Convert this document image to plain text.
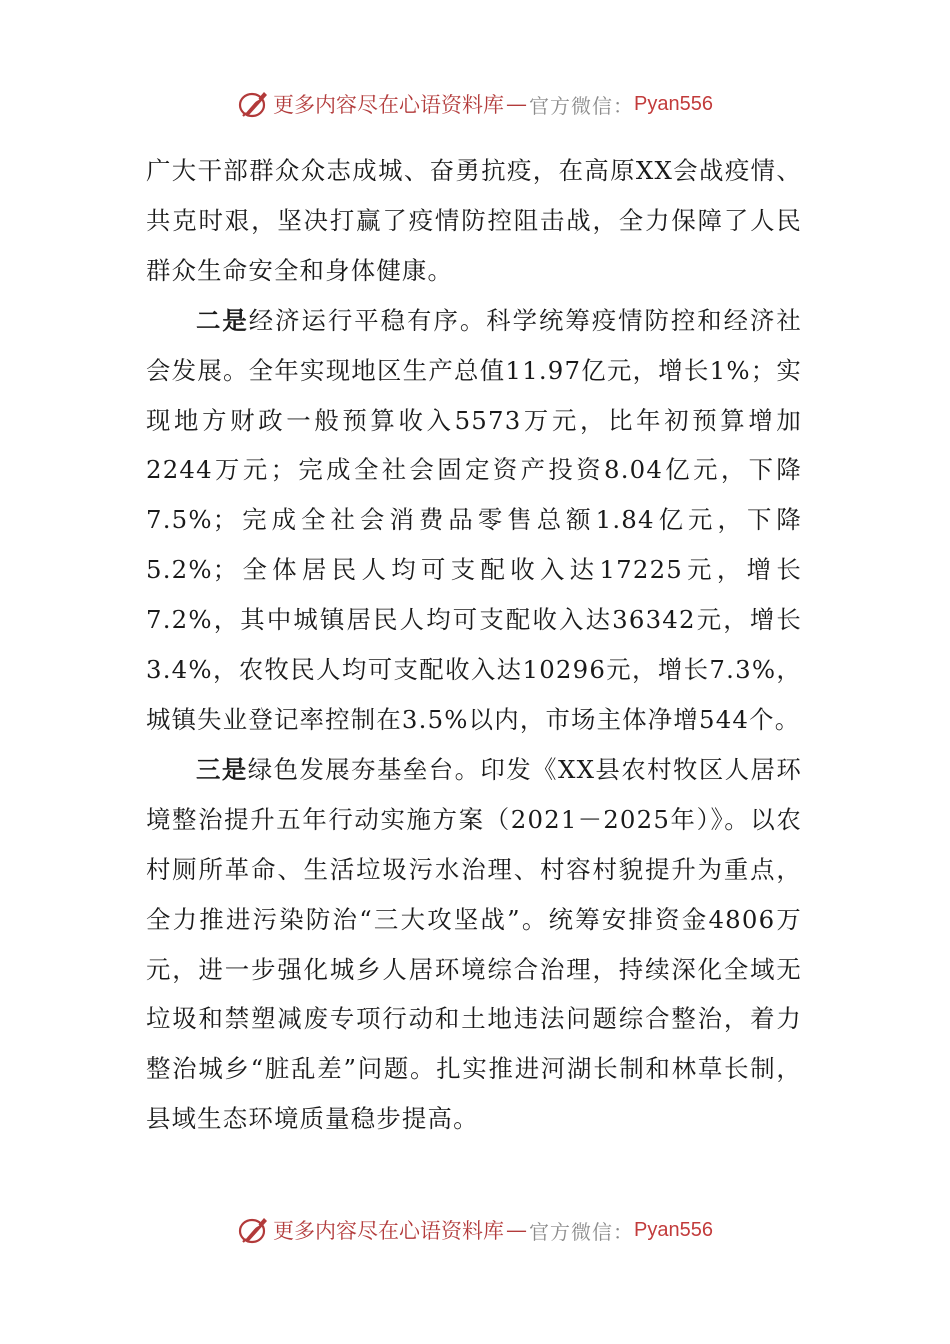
更多内容尽在心语资料库 — 官方微信： Pyan556

广大干部群众众志成城、奋勇抗疫，在高原XX会战疫情、共克时艰，坚决打赢了疫情防控阻击战，全力保障了人民群众生命安全和身体健康。

二是经济运行平稳有序。科学统筹疫情防控和经济社会发展。全年实现地区生产总值11.97亿元，增长1%；实现地方财政一般预算收入5573万元，比年初预算增加2244万元；完成全社会固定资产投资8.04亿元，下降7.5%；完成全社会消费品零售总额1.84亿元，下降5.2%；全体居民人均可支配收入达17225元，增长7.2%，其中城镇居民人均可支配收入达36342元，增长3.4%，农牧民人均可支配收入达10296元，增长7.3%，城镇失业登记率控制在3.5%以内，市场主体净增544个。

三是绿色发展夯基垒台。印发《XX县农村牧区人居环境整治提升五年行动实施方案（2021－2025年）》。以农村厕所革命、生活垃圾污水治理、村容村貌提升为重点，全力推进污染防治“三大攻坚战”。统筹安排资金4806万元，进一步强化城乡人居环境综合治理，持续深化全域无垃圾和禁塑减废专项行动和土地违法问题综合整治，着力整治城乡“脏乱差”问题。扎实推进河湖长制和林草长制，县域生态环境质量稳步提高。

更多内容尽在心语资料库 — 官方微信： Pyan556
